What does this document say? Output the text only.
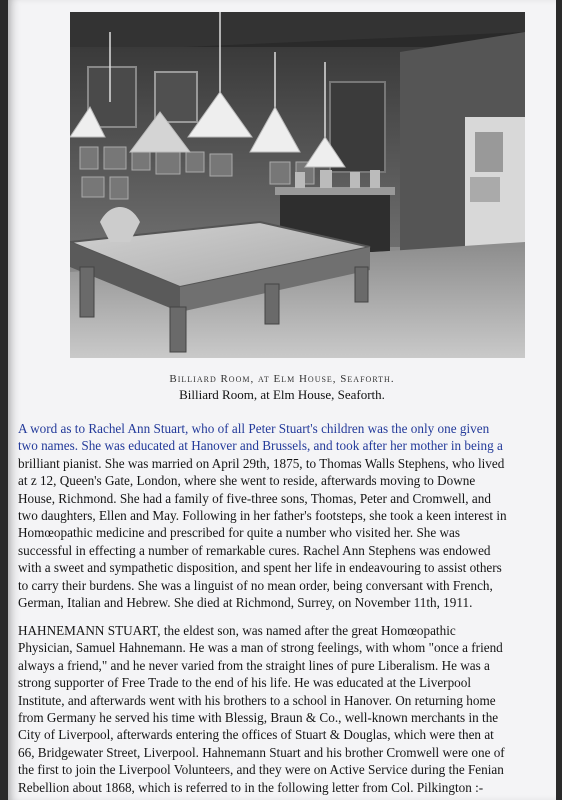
Billiard Room, at Elm House, Seaforth.
Billiard Room, at Elm House, Seaforth.

A word as to Rachel Ann Stuart, who of all Peter Stuart's children was the only one given
two names. She was educated at Hanover and Brussels, and took after her mother in being a
brilliant pianist. She was married on April 29th, 1875, to Thomas Walls Stephens, who lived
at z 12, Queen's Gate, London, where she went to reside, afterwards moving to Downe
House, Richmond. She had a family of five-three sons, Thomas, Peter and Cromwell, and
two daughters, Ellen and May. Following in her father's footsteps, she took a keen interest in
Homœopathic medicine and prescribed for quite a number who visited her. She was
successful in effecting a number of remarkable cures. Rachel Ann Stephens was endowed
with a sweet and sympathetic disposition, and spent her life in endeavouring to assist others
to carry their burdens. She was a linguist of no mean order, being conversant with French,
German, Italian and Hebrew. She died at Richmond, Surrey, on November 11th, 1911.

HAHNEMANN STUART, the eldest son, was named after the great Homœopathic
Physician, Samuel Hahnemann. He was a man of strong feelings, with whom "once a friend
always a friend," and he never varied from the straight lines of pure Liberalism. He was a
strong supporter of Free Trade to the end of his life. He was educated at the Liverpool
Institute, and afterwards went with his brothers to a school in Hanover. On returning home
from Germany he served his time with Blessig, Braun & Co., well-known merchants in the
City of Liverpool, afterwards entering the offices of Stuart & Douglas, which were then at
66, Bridgewater Street, Liverpool. Hahnemann Stuart and his brother Cromwell were one of
the first to join the Liverpool Volunteers, and they were on Active Service during the Fenian
Rebellion about 1868, which is referred to in the following letter from Col. Pilkington :-
